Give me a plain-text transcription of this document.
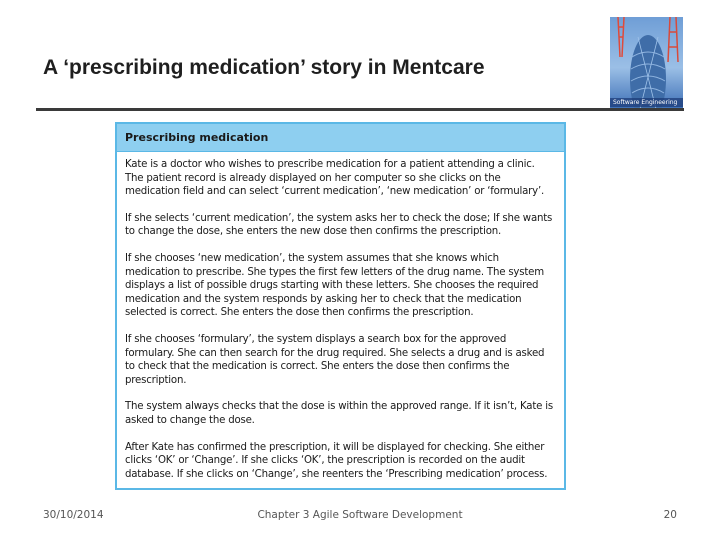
A ‘prescribing medication’ story in Mentcare
Software Engineering
Prescribing medication

Kate is a doctor who wishes to prescribe medication for a patient attending a clinic. The patient record is already displayed on her computer so she clicks on the medication field and can select ‘current medication’, ‘new medication’ or ‘formulary’.

If she selects ‘current medication’, the system asks her to check the dose; If she wants to change the dose, she enters the new dose then confirms the prescription.

If she chooses ‘new medication’, the system assumes that she knows which medication to prescribe. She types the first few letters of the drug name. The system displays a list of possible drugs starting with these letters. She chooses the required medication and the system responds by asking her to check that the medication selected is correct. She enters the dose then confirms the prescription.

If she chooses ‘formulary’, the system displays a search box for the approved formulary. She can then search for the drug required. She selects a drug and is asked to check that the medication is correct. She enters the dose then confirms the prescription.

The system always checks that the dose is within the approved range. If it isn’t, Kate is asked to change the dose.

After Kate has confirmed the prescription, it will be displayed for checking. She either clicks ‘OK’ or ‘Change’. If she clicks ‘OK’, the prescription is recorded on the audit database. If she clicks on ‘Change’, she reenters the ‘Prescribing medication’ process.

30/10/2014	Chapter 3 Agile Software Development	20
